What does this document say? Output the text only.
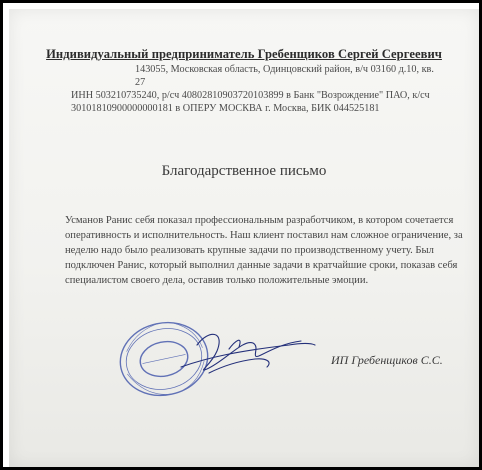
Индивидуальный предприниматель Гребенщиков Сергей Сергеевич
143055, Московская область, Одинцовский район, в/ч 03160 д.10, кв. 27
ИНН 503210735240, р/сч 40802810903720103899 в Банк "Возрождение" ПАО, к/сч
30101810900000000181 в ОПЕРУ МОСКВА г. Москва, БИК 044525181
Благодарственное письмо
Усманов Ранис себя показал профессиональным разработчиком, в котором сочетается
оперативность и исполнительность. Наш клиент поставил нам сложное ограничение, за
неделю надо было реализовать крупные задачи по производственному учету. Был
подключен Ранис, который выполнил данные задачи в кратчайшие сроки, показав себя
специалистом своего дела, оставив только положительные эмоции.
ИП Гребенщиков С.С.
